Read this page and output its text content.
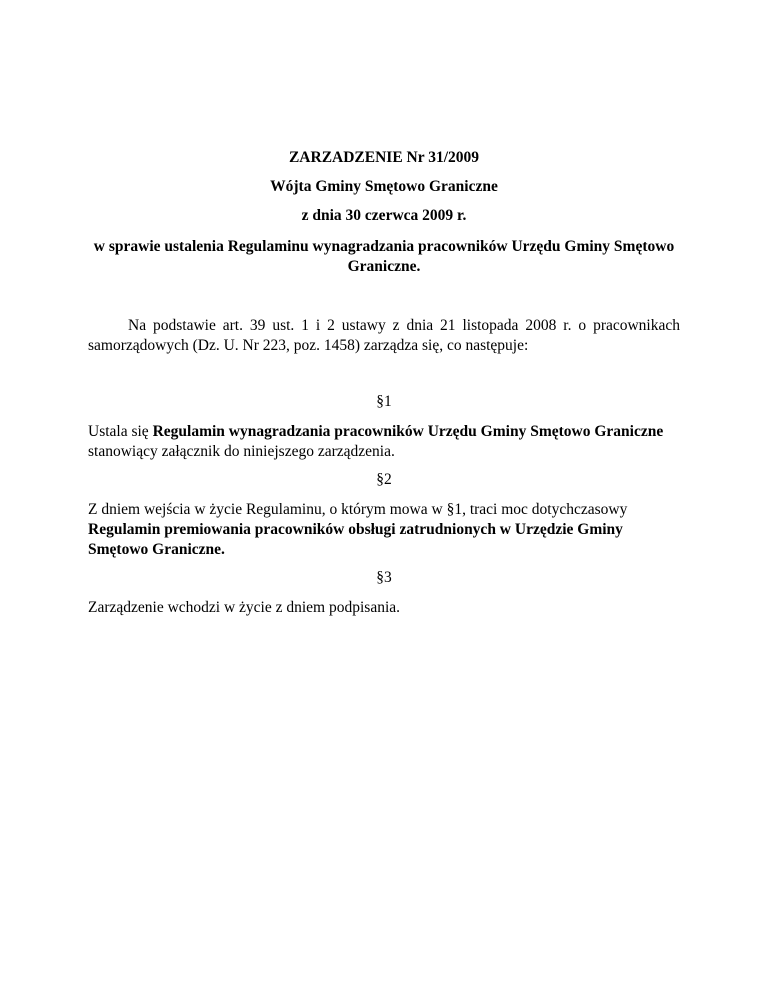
ZARZADZENIE Nr 31/2009
Wójta Gminy Smętowo Graniczne
z dnia 30 czerwca 2009 r.
w sprawie ustalenia Regulaminu wynagradzania pracowników Urzędu Gminy Smętowo
Graniczne.
Na podstawie art. 39 ust. 1 i 2 ustawy z dnia 21 listopada 2008 r. o pracownikach
samorządowych (Dz. U. Nr 223, poz. 1458) zarządza się, co następuje:
§1
Ustala się Regulamin wynagradzania pracowników Urzędu Gminy Smętowo Graniczne
stanowiący załącznik do niniejszego zarządzenia.
§2
Z dniem wejścia w życie Regulaminu, o którym mowa w §1, traci moc dotychczasowy
Regulamin premiowania pracowników obsługi zatrudnionych w Urzędzie Gminy
Smętowo Graniczne.
§3
Zarządzenie wchodzi w życie z dniem podpisania.
